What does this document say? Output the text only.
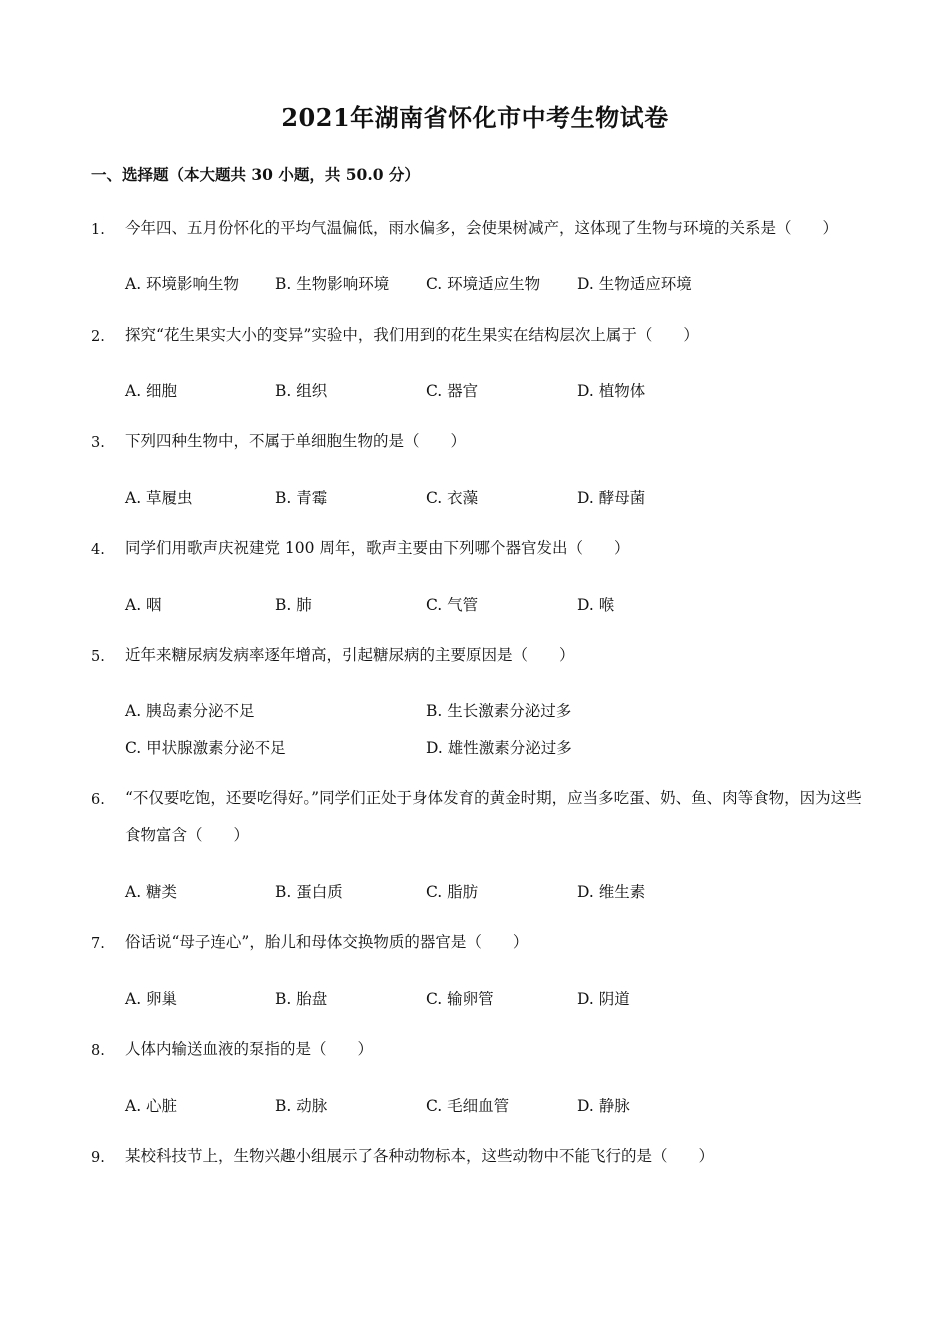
2021年湖南省怀化市中考生物试卷
一、选择题（本大题共 30 小题，共 50.0 分）
1.	今年四、五月份怀化的平均气温偏低，雨水偏多，会使果树减产，这体现了生物与环境的关系是（　　）
A. 环境影响生物 B. 生物影响环境 C. 环境适应生物 D. 生物适应环境
2.	探究“花生果实大小的变异”实验中，我们用到的花生果实在结构层次上属于（　　）
A. 细胞	B. 组织	C. 器官	D. 植物体
3.	下列四种生物中，不属于单细胞生物的是（　　）
A. 草履虫	B. 青霉	C. 衣藻	D. 酵母菌
4.	同学们用歌声庆祝建党 100 周年，歌声主要由下列哪个器官发出（　　）
A. 咽	B. 肺	C. 气管	D. 喉
5.	近年来糖尿病发病率逐年增高，引起糖尿病的主要原因是（　　）
A. 胰岛素分泌不足	B. 生长激素分泌过多
C. 甲状腺激素分泌不足	D. 雄性激素分泌过多
6.	“不仅要吃饱，还要吃得好。”同学们正处于身体发育的黄金时期，应当多吃蛋、奶、鱼、肉等食物，因为这些食物富含（　　）
A. 糖类	B. 蛋白质	C. 脂肪	D. 维生素
7.	俗话说“母子连心”，胎儿和母体交换物质的器官是（　　）
A. 卵巢	B. 胎盘	C. 输卵管	D. 阴道
8.	人体内输送血液的泵指的是（　　）
A. 心脏	B. 动脉	C. 毛细血管	D. 静脉
9.	某校科技节上，生物兴趣小组展示了各种动物标本，这些动物中不能飞行的是（　　）
